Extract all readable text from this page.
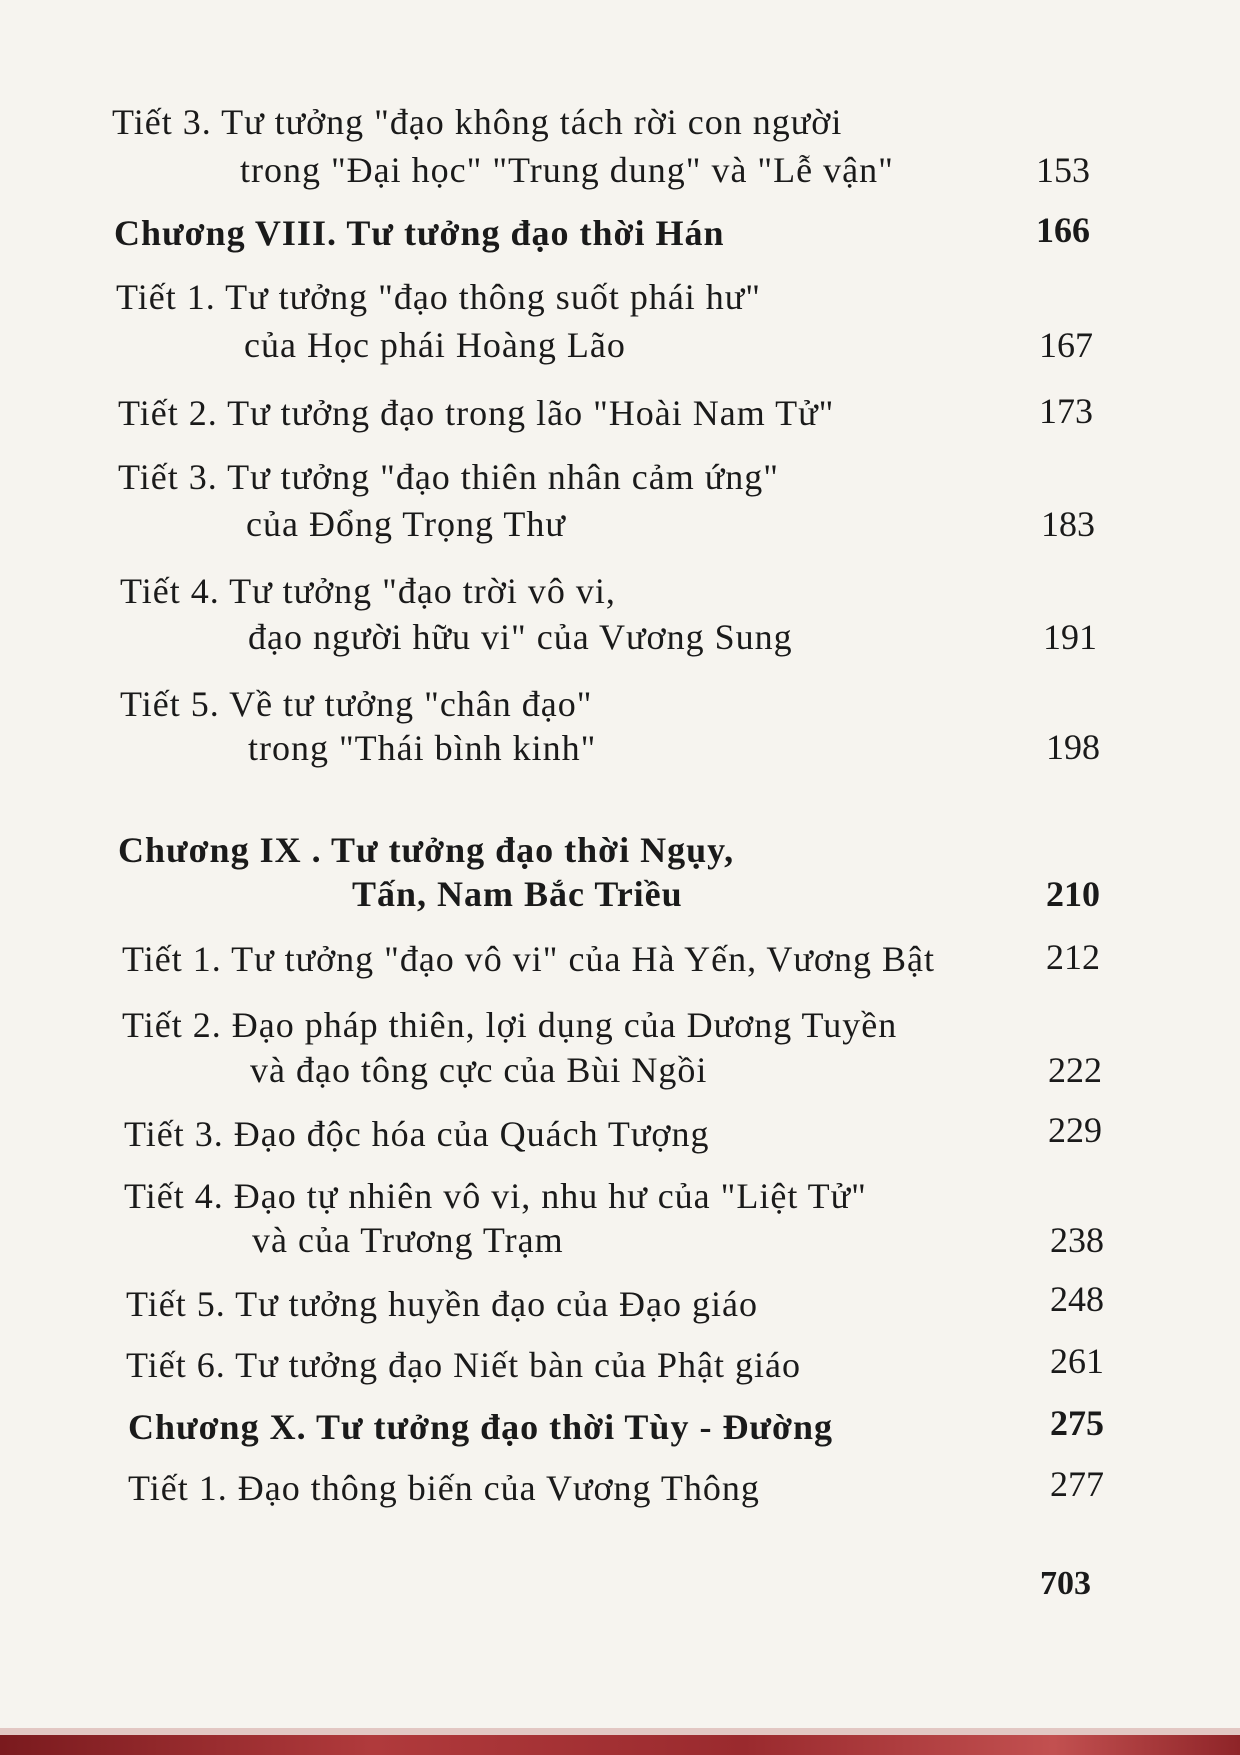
Tiết 3. Tư tưởng "đạo không tách rời con người
trong "Đại học" "Trung dung" và "Lễ vận"	153
Chương VIII. Tư tưởng đạo thời Hán	166
Tiết 1. Tư tưởng "đạo thông suốt phái hư"
của Học phái Hoàng Lão	167
Tiết 2. Tư tưởng đạo trong lão "Hoài Nam Tử"	173
Tiết 3. Tư tưởng "đạo thiên nhân cảm ứng"
của Đổng Trọng Thư	183
Tiết 4. Tư tưởng "đạo trời vô vi,
đạo người hữu vi" của Vương Sung	191
Tiết 5. Về tư tưởng "chân đạo"
trong "Thái bình kinh"	198
Chương IX . Tư tưởng đạo thời Ngụy,
Tấn, Nam Bắc Triều	210
Tiết 1. Tư tưởng "đạo vô vi" của Hà Yến, Vương Bật	212
Tiết 2. Đạo pháp thiên, lợi dụng của Dương Tuyền
và đạo tông cực của Bùi Ngồi	222
Tiết 3. Đạo độc hóa của Quách Tượng	229
Tiết 4. Đạo tự nhiên vô vi, nhu hư của "Liệt Tử"
và của Trương Trạm	238
Tiết 5. Tư tưởng huyền đạo của Đạo giáo	248
Tiết 6. Tư tưởng đạo Niết bàn của Phật giáo	261
Chương X. Tư tưởng đạo thời Tùy - Đường	275
Tiết 1. Đạo thông biến của Vương Thông	277
703
